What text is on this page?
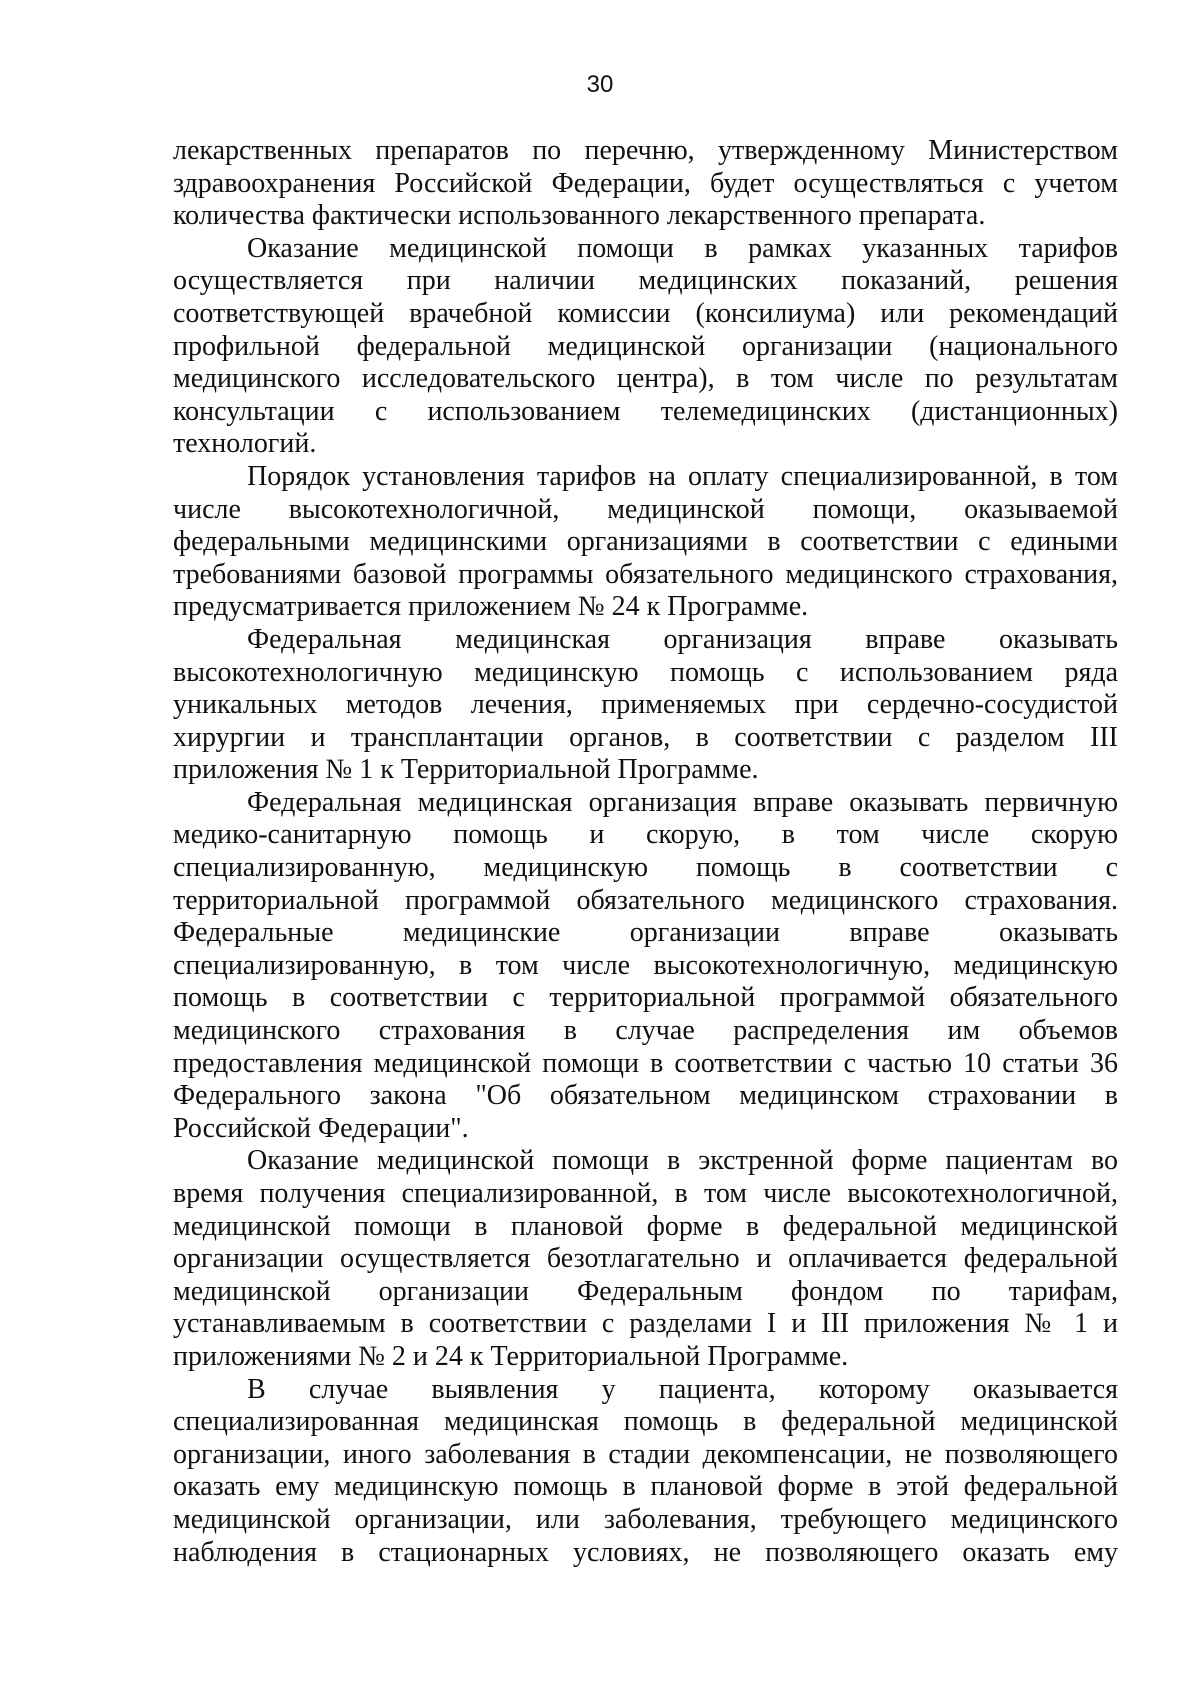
30

лекарственных препаратов по перечню, утвержденному Министерством здравоохранения Российской Федерации, будет осуществляться с учетом количества фактически использованного лекарственного препарата.

Оказание медицинской помощи в рамках указанных тарифов осуществляется при наличии медицинских показаний, решения соответствующей врачебной комиссии (консилиума) или рекомендаций профильной федеральной медицинской организации (национального медицинского исследовательского центра), в том числе по результатам консультации с использованием телемедицинских (дистанционных) технологий.

Порядок установления тарифов на оплату специализированной, в том числе высокотехнологичной, медицинской помощи, оказываемой федеральными медицинскими организациями в соответствии с едиными требованиями базовой программы обязательного медицинского страхования, предусматривается приложением № 24 к Программе.

Федеральная медицинская организация вправе оказывать высокотехнологичную медицинскую помощь с использованием ряда уникальных методов лечения, применяемых при сердечно-сосудистой хирургии и трансплантации органов, в соответствии с разделом III приложения № 1 к Территориальной Программе.

Федеральная медицинская организация вправе оказывать первичную медико-санитарную помощь и скорую, в том числе скорую специализированную, медицинскую помощь в соответствии с территориальной программой обязательного медицинского страхования. Федеральные медицинские организации вправе оказывать специализированную, в том числе высокотехнологичную, медицинскую помощь в соответствии с территориальной программой обязательного медицинского страхования в случае распределения им объемов предоставления медицинской помощи в соответствии с частью 10 статьи 36 Федерального закона "Об обязательном медицинском страховании в Российской Федерации".

Оказание медицинской помощи в экстренной форме пациентам во время получения специализированной, в том числе высокотехнологичной, медицинской помощи в плановой форме в федеральной медицинской организации осуществляется безотлагательно и оплачивается федеральной медицинской организации Федеральным фондом по тарифам, устанавливаемым в соответствии с разделами I и III приложения № 1 и приложениями № 2 и 24 к Территориальной Программе.

В случае выявления у пациента, которому оказывается специализированная медицинская помощь в федеральной медицинской организации, иного заболевания в стадии декомпенсации, не позволяющего оказать ему медицинскую помощь в плановой форме в этой федеральной медицинской организации, или заболевания, требующего медицинского наблюдения в стационарных условиях, не позволяющего оказать ему
